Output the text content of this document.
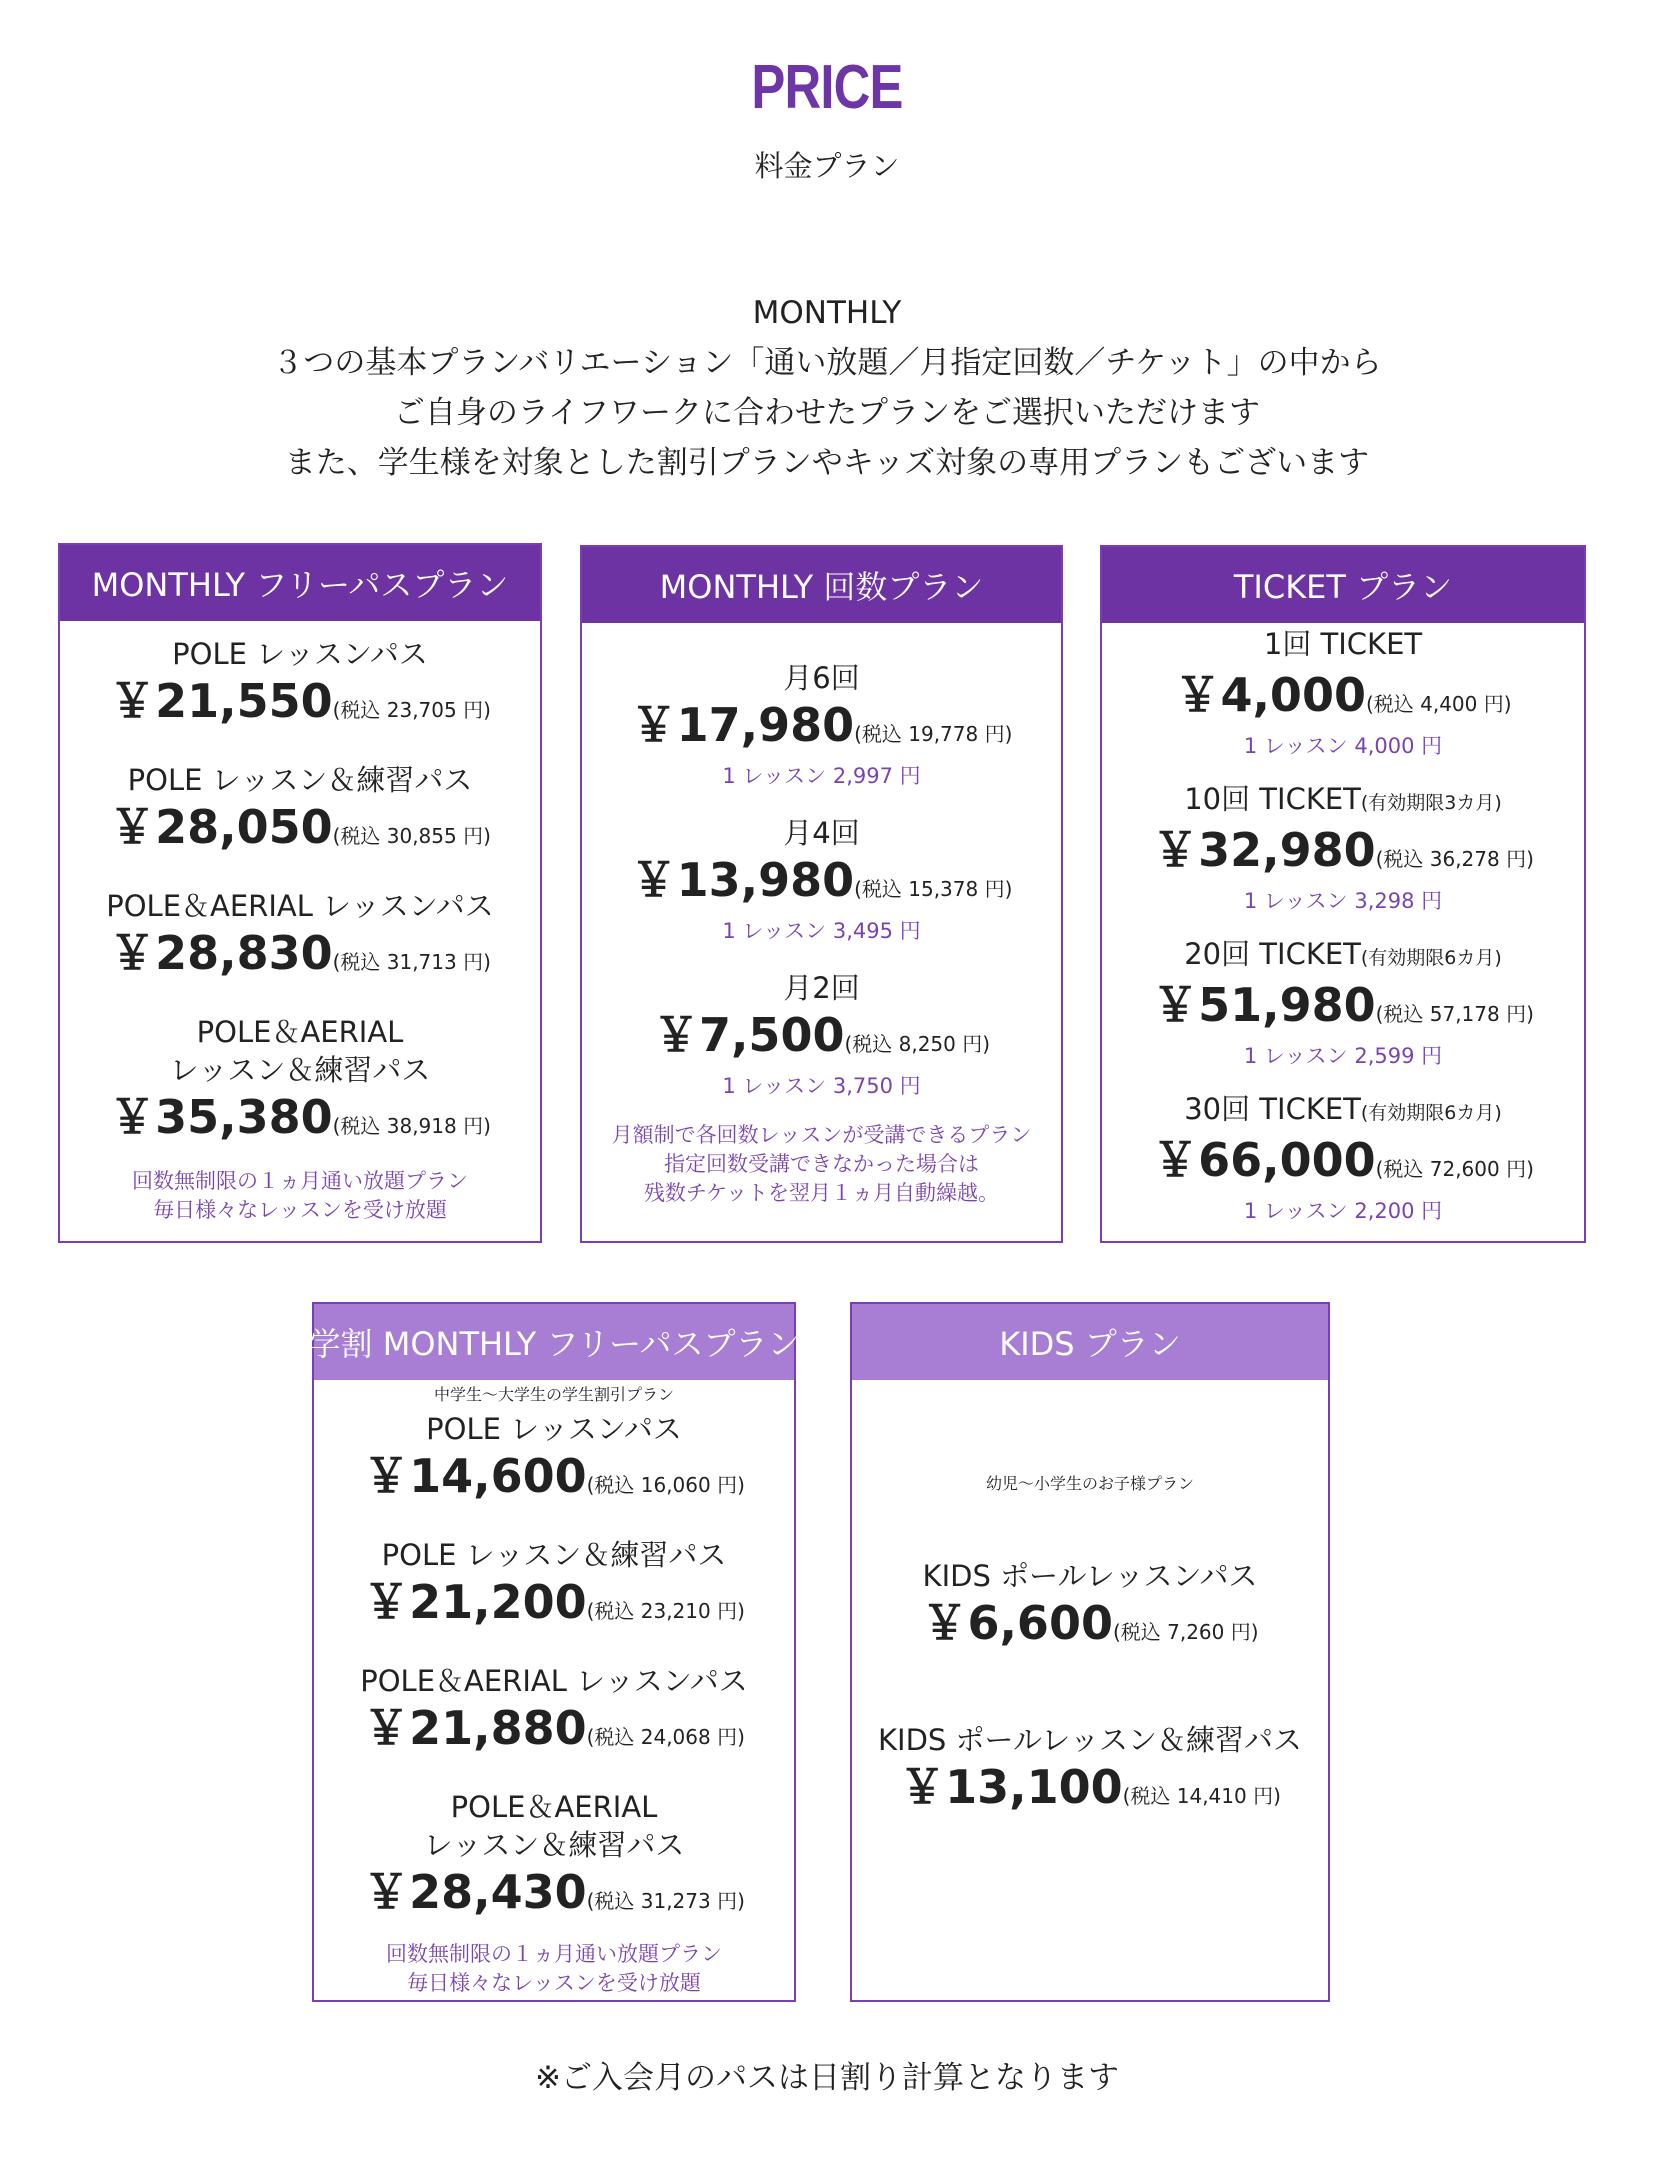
PRICE
料金プラン
MONTHLY
３つの基本プランバリエーション「通い放題／月指定回数／チケット」の中から
ご自身のライフワークに合わせたプランをご選択いただけます
また、学生様を対象とした割引プランやキッズ対象の専用プランもございます
MONTHLY フリーパスプラン
POLE レッスンパス
￥21,550(税込 23,705 円)
POLE レッスン＆練習パス
￥28,050(税込 30,855 円)
POLE＆AERIAL レッスンパス
￥28,830(税込 31,713 円)
POLE＆AERIAL
レッスン＆練習パス
￥35,380(税込 38,918 円)
回数無制限の１ヵ月通い放題プラン
毎日様々なレッスンを受け放題
MONTHLY 回数プラン
月6回
￥17,980(税込 19,778 円)
1 レッスン 2,997 円
月4回
￥13,980(税込 15,378 円)
1 レッスン 3,495 円
月2回
￥7,500(税込 8,250 円)
1 レッスン 3,750 円
月額制で各回数レッスンが受講できるプラン
指定回数受講できなかった場合は
残数チケットを翌月１ヵ月自動繰越。
TICKET プラン
1回 TICKET
￥4,000(税込 4,400 円)
1 レッスン 4,000 円
10回 TICKET(有効期限3カ月)
￥32,980(税込 36,278 円)
1 レッスン 3,298 円
20回 TICKET(有効期限6カ月)
￥51,980(税込 57,178 円)
1 レッスン 2,599 円
30回 TICKET(有効期限6カ月)
￥66,000(税込 72,600 円)
1 レッスン 2,200 円
学割 MONTHLY フリーパスプラン
中学生〜大学生の学生割引プラン
POLE レッスンパス
￥14,600(税込 16,060 円)
POLE レッスン＆練習パス
￥21,200(税込 23,210 円)
POLE＆AERIAL レッスンパス
￥21,880(税込 24,068 円)
POLE＆AERIAL
レッスン＆練習パス
￥28,430(税込 31,273 円)
回数無制限の１ヵ月通い放題プラン
毎日様々なレッスンを受け放題
KIDS プラン
幼児〜小学生のお子様プラン
KIDS ポールレッスンパス
￥6,600(税込 7,260 円)
KIDS ポールレッスン＆練習パス
￥13,100(税込 14,410 円)
※ご入会月のパスは日割り計算となります
